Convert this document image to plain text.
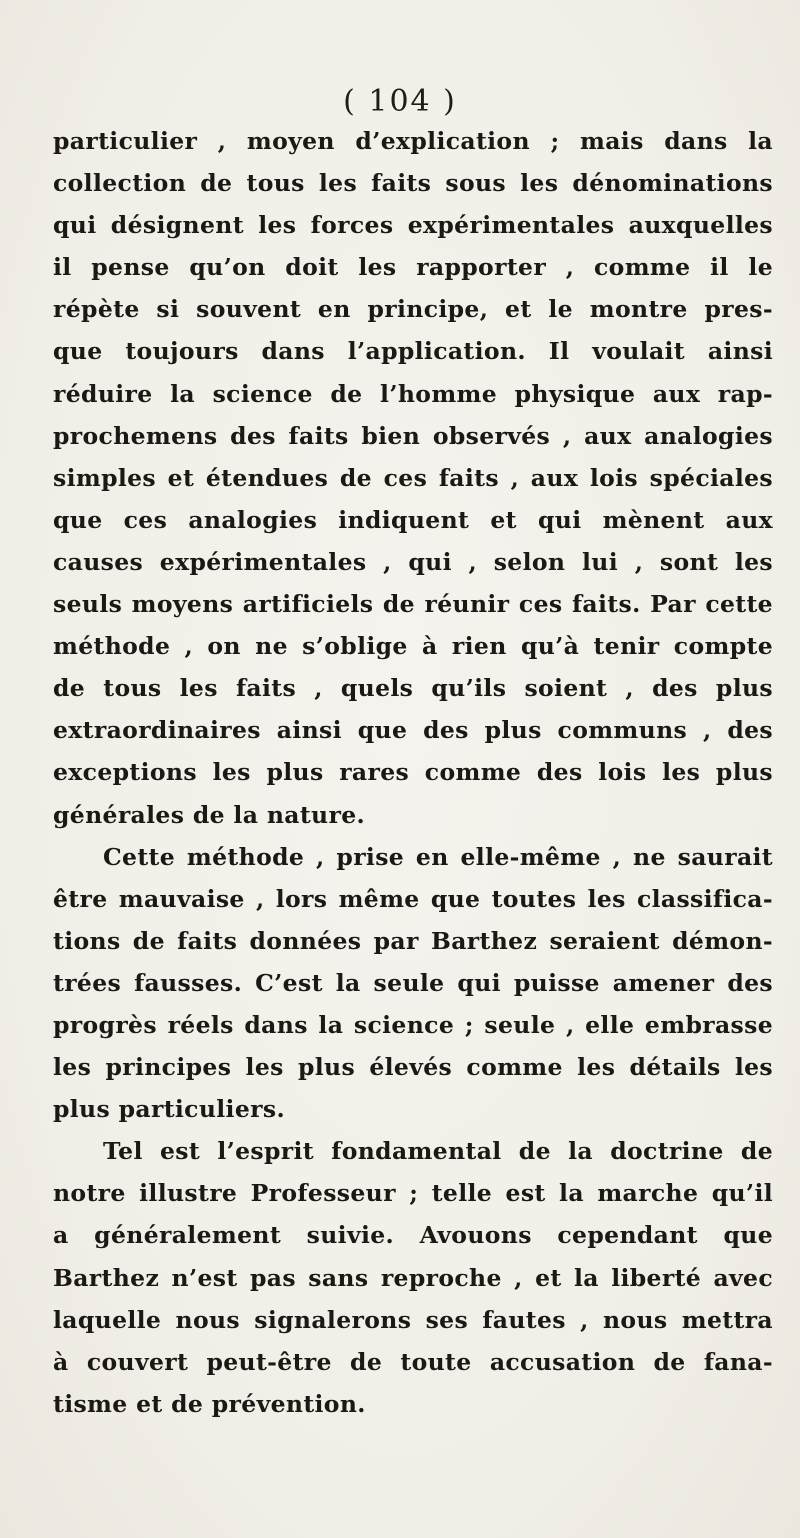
( 104 )
particulier , moyen d’explication ; mais dans la
collection de tous les faits sous les dénominations
qui désignent les forces expérimentales auxquelles
il pense qu’on doit les rapporter , comme il le
répète si souvent en principe, et le montre pres-
que toujours dans l’application. Il voulait ainsi
réduire la science de l’homme physique aux rap-
prochemens des faits bien observés , aux analogies
simples et étendues de ces faits , aux lois spéciales
que ces analogies indiquent et qui mènent aux
causes expérimentales , qui , selon lui , sont les
seuls moyens artificiels de réunir ces faits. Par cette
méthode , on ne s’oblige à rien qu’à tenir compte
de tous les faits , quels qu’ils soient , des plus
extraordinaires ainsi que des plus communs , des
exceptions les plus rares comme des lois les plus
générales de la nature.
Cette méthode , prise en elle-même , ne saurait
être mauvaise , lors même que toutes les classifica-
tions de faits données par Barthez seraient démon-
trées fausses. C’est la seule qui puisse amener des
progrès réels dans la science ; seule , elle embrasse
les principes les plus élevés comme les détails les
plus particuliers.
Tel est l’esprit fondamental de la doctrine de
notre illustre Professeur ; telle est la marche qu’il
a généralement suivie. Avouons cependant que
Barthez n’est pas sans reproche , et la liberté avec
laquelle nous signalerons ses fautes , nous mettra
à couvert peut-être de toute accusation de fana-
tisme et de prévention.
